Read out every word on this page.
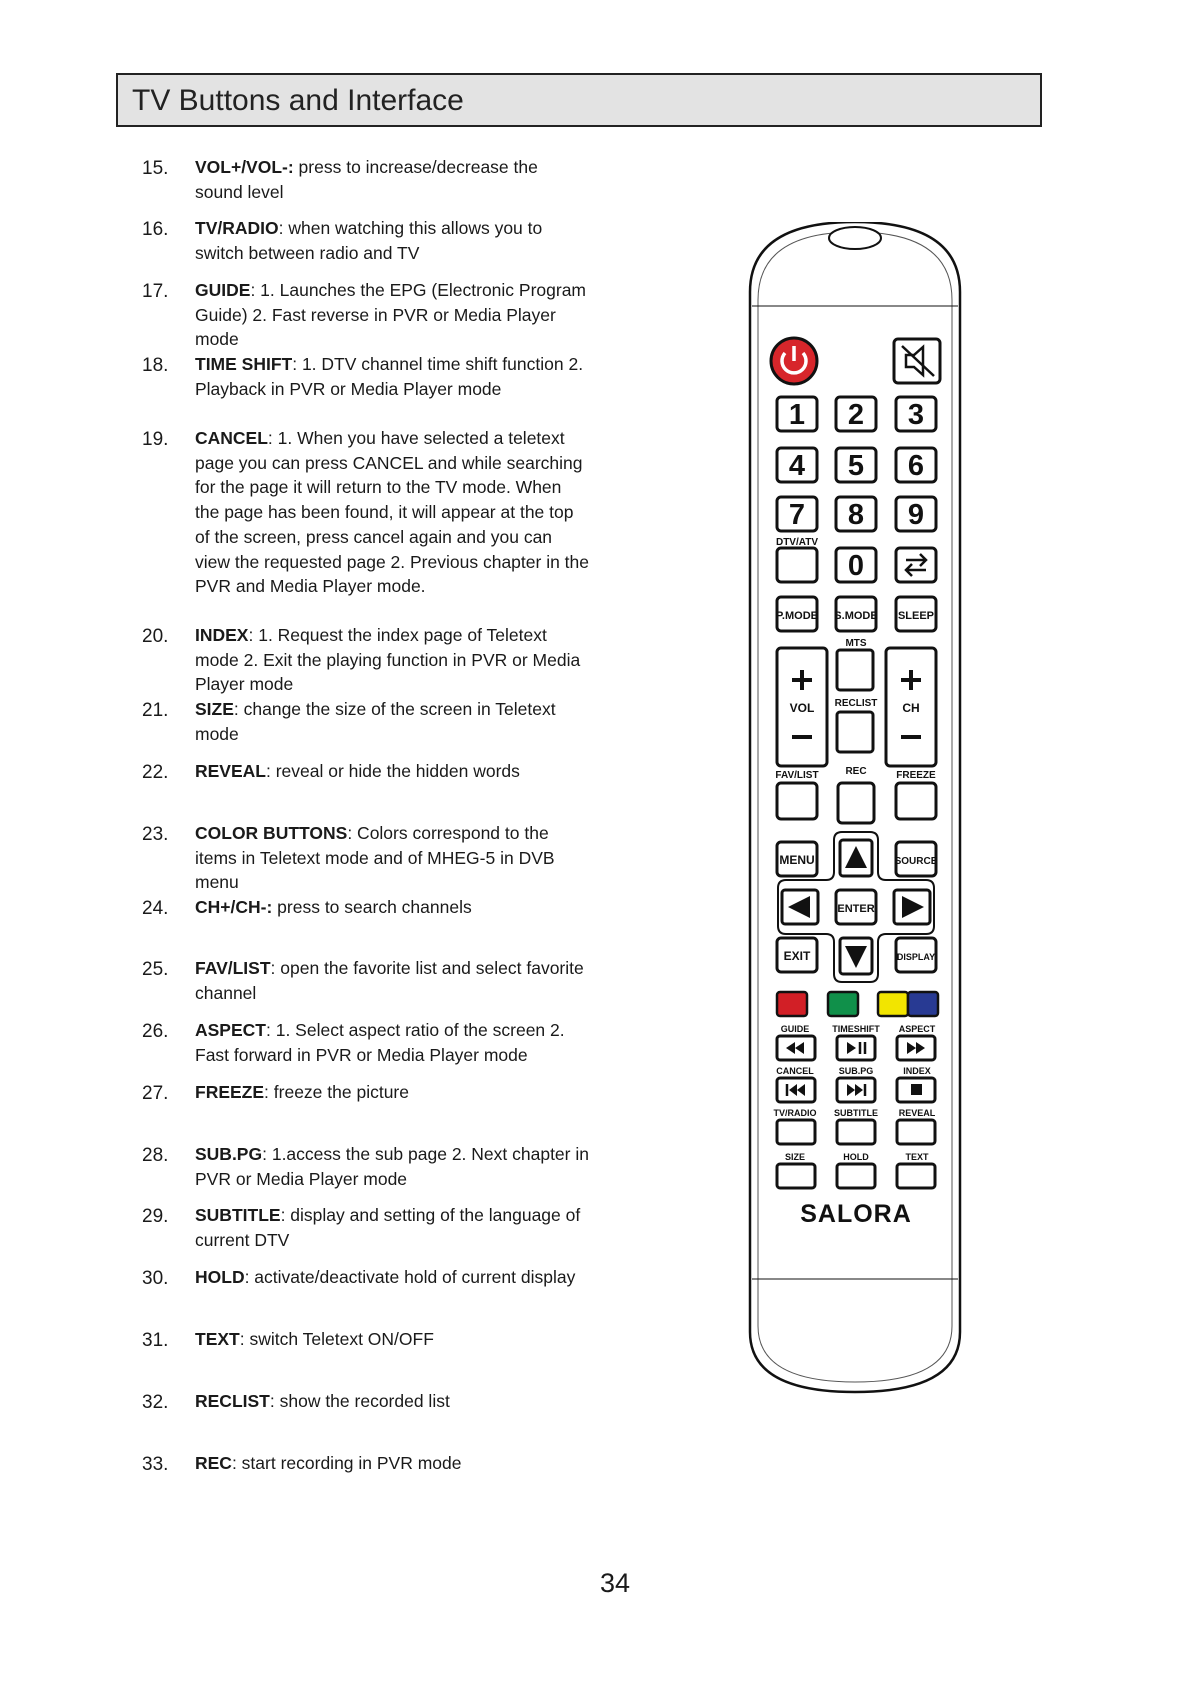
TV Buttons and Interface
15. VOL+/VOL-: press to increase/decrease the sound level
16. TV/RADIO: when watching this allows you to switch between radio and TV
17. GUIDE: 1. Launches the EPG (Electronic Program Guide) 2. Fast reverse in PVR or Media Player mode
18. TIME SHIFT: 1. DTV channel time shift function 2. Playback in PVR or Media Player mode
19. CANCEL: 1. When you have selected a teletext page you can press CANCEL and while searching for the page it will return to the TV mode. When the page has been found, it will appear at the top of the screen, press cancel again and you can view the requested page 2. Previous chapter in the PVR and Media Player mode.
20. INDEX: 1. Request the index page of Teletext mode 2. Exit the playing function in PVR or Media Player mode
21. SIZE: change the size of the screen in Teletext mode
22. REVEAL: reveal or hide the hidden words
23. COLOR BUTTONS: Colors correspond to the items in Teletext mode and of MHEG-5 in DVB menu
24. CH+/CH-: press to search channels
25. FAV/LIST: open the favorite list and select favorite channel
26. ASPECT: 1. Select aspect ratio of the screen 2. Fast forward in PVR or Media Player mode
27. FREEZE: freeze the picture
28. SUB.PG: 1.access the sub page 2. Next chapter in PVR or Media Player mode
29. SUBTITLE: display and setting of the language of current DTV
30. HOLD: activate/deactivate hold of current display
31. TEXT: switch Teletext ON/OFF
32. RECLIST: show the recorded list
33. REC: start recording in PVR mode
1 2 3
4 5 6
7 8 9
DTV/ATV
0
P.MODE S.MODE SLEEP
MTS
VOL RECLIST CH
FAV/LIST	REC	FREEZE
MENU	SOURCE
ENTER
EXIT	DISPLAY
GUIDE	TIMESHIFT ASPECT
CANCEL	SUB.PG	INDEX
TV/RADIO SUBTITLE REVEAL
SIZE	HOLD	TEXT
SALORA
34
